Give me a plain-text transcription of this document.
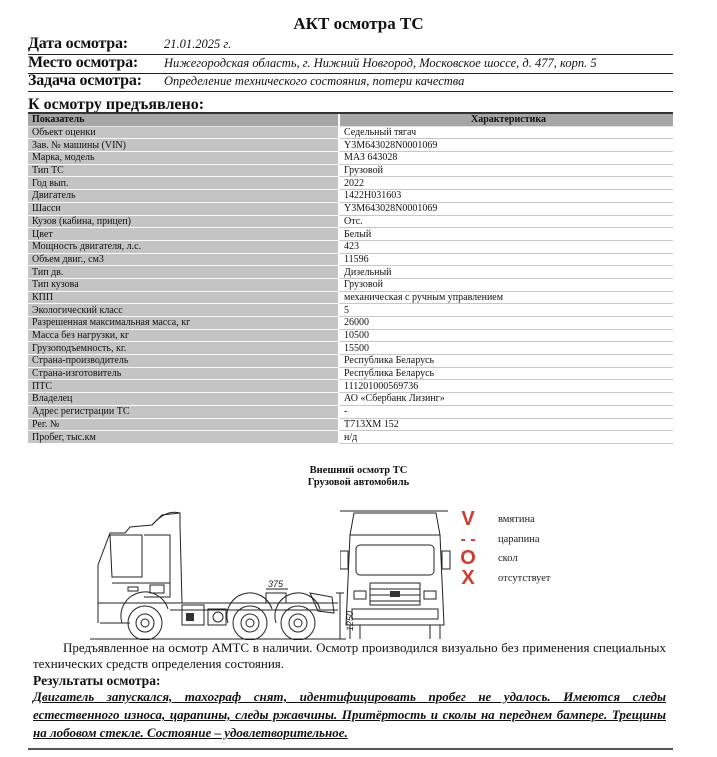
АКТ осмотра ТС
Дата осмотра:	21.01.2025 г.
Место осмотра: Нижегородская область, г. Нижний Новгород, Московское шоссе, д. 477, корп. 5
Задача осмотра: Определение технического состояния, потери качества
К осмотру предъявлено:
Показатель	Характеристика
Объект оценки	Седельный тягач
Зав. № машины (VIN)	Y3M643028N0001069
Марка, модель	МАЗ 643028
Тип ТС	Грузовой
Год вып.	2022
Двигатель	1422Н031603
Шасси	Y3M643028N0001069
Кузов (кабина, прицеп)	Отс.
Цвет	Белый
Мощность двигателя, л.с.	423
Объем двиг., см3	11596
Тип дв.	Дизельный
Тип кузова	Грузовой
КПП	механическая с ручным управлением
Экологический класс	5
Разрешенная максимальная масса, кг	26000
Масса без нагрузки, кг	10500
Грузоподъемность, кг.	15500
Страна-производитель	Республика Беларусь
Страна-изготовитель	Республика Беларусь
ПТС	111201000569736
Владелец	АО «Сбербанк Лизинг»
Адрес регистрации ТС	-
Рег. №	Т713ХМ 152
Пробег, тыс.км	н/д
Внешний осмотр ТС
Грузовой автомобиль
375
1250
V	вмятина
- - царапина
O скол
X	отсутствует
Предъявленное на осмотр АМТС в наличии. Осмотр производился визуально без применения специальных технических средств определения состояния.
Результаты осмотра:
Двигатель запускался, тахограф снят, идентифицировать пробег не удалось. Имеются следы естественного износа, царапины, следы ржавчины. Притёртость и сколы на переднем бампере. Трещины на лобовом стекле. Состояние – удовлетворительное.
